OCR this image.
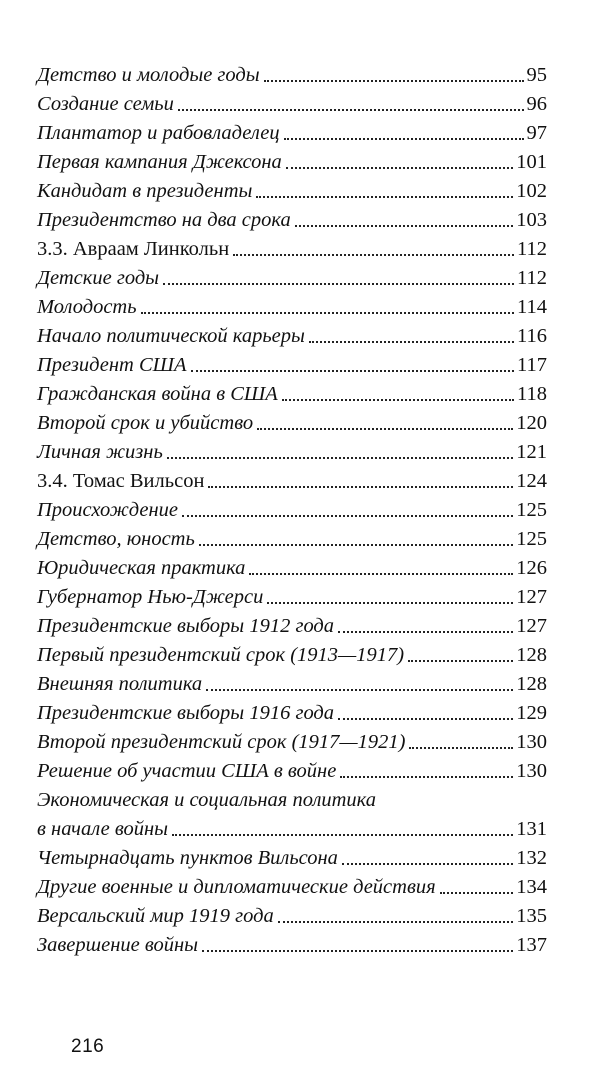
Детство и молодые годы	95
Создание семьи	96
Плантатор и рабовладелец	97
Первая кампания Джексона	101
Кандидат в президенты	102
Президентство на два срока	103
3.3. Авраам Линкольн	112
Детские годы	112
Молодость	114
Начало политической карьеры	116
Президент США	117
Гражданская война в США	118
Второй срок и убийство	120
Личная жизнь	121
3.4. Томас Вильсон	124
Происхождение	125
Детство, юность	125
Юридическая практика	126
Губернатор Нью-Джерси	127
Президентские выборы 1912 года	127
Первый президентский срок (1913—1917)	128
Внешняя политика	128
Президентские выборы 1916 года	129
Второй президентский срок (1917—1921)	130
Решение об участии США в войне	130
Экономическая и социальная политика
в начале войны	131
Четырнадцать пунктов Вильсона	132
Другие военные и дипломатические действия	134
Версальский мир 1919 года	135
Завершение войны	137
216
